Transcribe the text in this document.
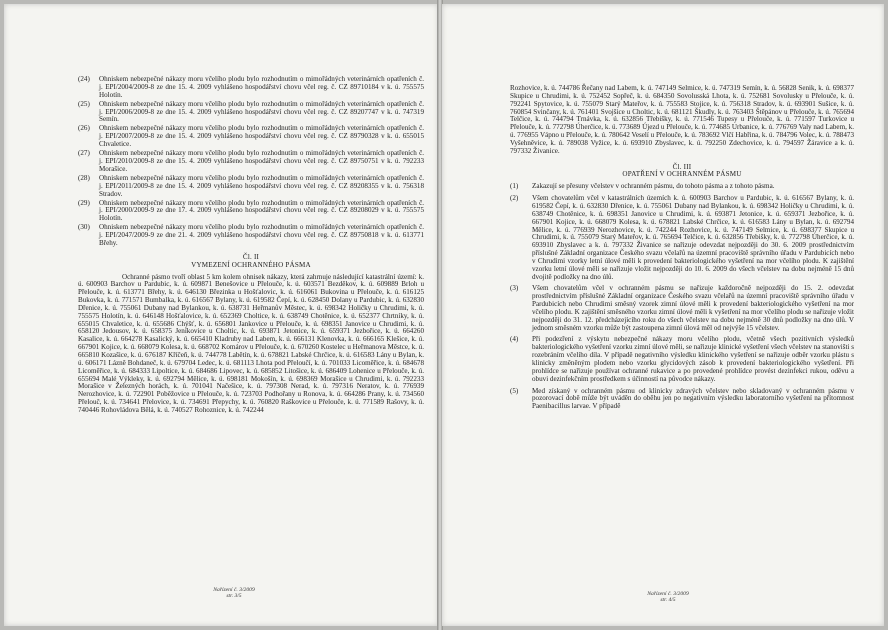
(24)	Ohniskem nebezpečné nákazy moru včelího plodu bylo rozhodnutím o mimořádných veterinárních opatřeních č. j. EPI/2004/2009-8 ze dne 15. 4. 2009 vyhlášeno hospodářství chovu včel reg. č. CZ 89710184 v k. ú. 755575 Holotín.
(25)	Ohniskem nebezpečné nákazy moru včelího plodu bylo rozhodnutím o mimořádných veterinárních opatřeních č. j. EPI/2006/2009-8 ze dne 15. 4. 2009 vyhlášeno hospodářství chovu včel reg. č. CZ 89207747 v k. ú. 747319 Semín.
(26)	Ohniskem nebezpečné nákazy moru včelího plodu bylo rozhodnutím o mimořádných veterinárních opatřeních č. j. EPI/2007/2009-8 ze dne 15. 4. 2009 vyhlášeno hospodářství chovu včel reg. č. CZ 89790328 v k. ú. 655015 Chvaletice.
(27)	Ohniskem nebezpečné nákazy moru včelího plodu bylo rozhodnutím o mimořádných veterinárních opatřeních č. j. EPI/2010/2009-8 ze dne 15. 4. 2009 vyhlášeno hospodářství chovu včel reg. č. CZ 89750751 v k. ú. 792233 Morašice.
(28)	Ohniskem nebezpečné nákazy moru včelího plodu bylo rozhodnutím o mimořádných veterinárních opatřeních č. j. EPI/2011/2009-8 ze dne 15. 4. 2009 vyhlášeno hospodářství chovu včel reg. č. CZ 89208355 v k. ú. 756318 Stradov.
(29)	Ohniskem nebezpečné nákazy moru včelího plodu bylo rozhodnutím o mimořádných veterinárních opatřeních č. j. EPI/2000/2009-9 ze dne 17. 4. 2009 vyhlášeno hospodářství chovu včel reg. č. CZ 89208029 v k. ú. 755575 Holotín.
(30)	Ohniskem nebezpečné nákazy moru včelího plodu bylo rozhodnutím o mimořádných veterinárních opatřeních č. j. EPI/2047/2009-9 ze dne 21. 4. 2009 vyhlášeno hospodářství chovu včel reg. č. CZ 89750818 v k. ú. 613771 Břehy.
Čl. II
VYMEZENÍ OCHRANNÉHO PÁSMA

Ochranné pásmo tvoří oblast 5 km kolem ohnisek nákazy, která zahrnuje následující katastrální území: k. ú. 600903 Barchov u Pardubic, k. ú. 609871 Benešovice u Přelouče, k. ú. 603571 Bezděkov, k. ú. 609889 Brloh u Přelouče, k. ú. 613771 Břehy, k. ú. 646130 Březinka u Hošťalovic, k. ú. 616061 Bukovina u Přelouče, k. ú. 616125 Bukovka, k. ú. 771571 Bumbalka, k. ú. 616567 Bylany, k. ú. 619582 Čepí, k. ú. 628450 Dolany u Pardubic, k. ú. 632830 Dřenice, k. ú. 755061 Dubany nad Bylankou, k. ú. 638731 Heřmanův Městec, k. ú. 698342 Holičky u Chrudimi, k. ú. 755575 Holotín, k. ú. 646148 Hošťalovice, k. ú. 652369 Choltice, k. ú. 638749 Chotěnice, k. ú. 652377 Chrtníky, k. ú. 655015 Chvaletice, k. ú. 655686 Chýšť, k. ú. 656801 Jankovice u Přelouče, k. ú. 698351 Janovice u Chrudimi, k. ú. 658120 Jedousov, k. ú. 658375 Jeníkovice u Choltic, k. ú. 693871 Jetonice, k. ú. 659371 Jezbořice, k. ú. 664260 Kasalice, k. ú. 664278 Kasalický, k. ú. 665410 Kladruby nad Labem, k. ú. 666131 Klenovka, k. ú. 666165 Klešice, k. ú. 667901 Kojice, k. ú. 668079 Kolesa, k. ú. 668702 Komárov u Přelouče, k. ú. 670260 Kostelec u Heřmanova Městce, k. ú. 665810 Kozašice, k. ú. 676187 Kříčeň, k. ú. 744778 Labětín, k. ú. 678821 Labské Chrčice, k. ú. 616583 Lány u Bylan, k. ú. 606171 Lázně Bohdaneč, k. ú. 679704 Ledec, k. ú. 681113 Lhota pod Přeloučí, k. ú. 701033 Licoměřice, k. ú. 684678 Licoměřice, k. ú. 684333 Lipoltice, k. ú. 684686 Lipovec, k. ú. 685852 Litošice, k. ú. 686409 Lohenice u Přelouče, k. ú. 655694 Malé Výkleky, k. ú. 692794 Mělice, k. ú. 698181 Mokošín, k. ú. 698369 Morašice u Chrudimi, k. ú. 792233 Morašice v Železných horách, k. ú. 701041 Načešice, k. ú. 797308 Nerad, k. ú. 797316 Neratov, k. ú. 776939 Nerozhovice, k. ú. 722901 Poběžovice u Přelouče, k. ú. 723703 Podhořany u Ronova, k. ú. 664286 Prany, k. ú. 734560 Přelouč, k. ú. 734641 Přelovice, k. ú. 734691 Přepychy, k. ú. 760820 Raškovice u Přelouče, k. ú. 771589 Rašovy, k. ú. 740446 Rohovládova Bělá, k. ú. 740527 Rohoznice, k. ú. 742244

Nařízení č. 3/2009
str. 3/5

Rozhovice, k. ú. 744786 Řečany nad Labem, k. ú. 747149 Selmice, k. ú. 747319 Semín, k. ú. 56828 Senik, k. ú. 698377 Skupice u Chrudimi, k. ú. 752452 Sopřeč, k. ú. 684350 Sovolusská Lhota, k. ú. 752681 Sovolusky u Přelouče, k. ú. 792241 Spytovice, k. ú. 755079 Starý Mateřov, k. ú. 755583 Stojice, k. ú. 756318 Stradov, k. ú. 693901 Sušice, k. ú. 760854 Svinčany, k. ú. 761401 Svojšice u Choltic, k. ú. 681121 Škudly, k. ú. 763403 Štěpánov u Přelouče, k. ú. 765694 Telčice, k. ú. 744794 Trnávka, k. ú. 632856 Třebišky, k. ú. 771546 Tupesy u Přelouče, k. ú. 771597 Turkovice u Přelouče, k. ú. 772798 Úherčice, k. ú. 773689 Újezd u Přelouče, k. ú. 774685 Urbanice, k. ú. 776769 Valy nad Labem, k. ú. 776955 Vápno u Přelouče, k. ú. 780642 Veselí u Přelouče, k. ú. 783692 Vlčí Habřina, k. ú. 784796 Volec, k. ú. 788473 Vyšehněvice, k. ú. 789038 Vyžice, k. ú. 693910 Zbyslavec, k. ú. 792250 Zdechovice, k. ú. 794597 Žáravice a k. ú. 797332 Živanice.

Čl. III
OPATŘENÍ V OCHRANNÉM PÁSMU
(1)	Zakazují se přesuny včelstev v ochranném pásmu, do tohoto pásma a z tohoto pásma.
(2)	Všem chovatelům včel v katastrálních územích k. ú. 600903 Barchov u Pardubic, k. ú. 616567 Bylany, k. ú. 619582 Čepí, k. ú. 632830 Dřenice, k. ú. 755061 Dubany nad Bylankou, k. ú. 698342 Holičky u Chrudimi, k. ú. 638749 Chotěnice, k. ú. 698351 Janovice u Chrudimi, k. ú. 693871 Jetonice, k. ú. 659371 Jezbořice, k. ú. 667901 Kojice, k. ú. 668079 Kolesa, k. ú. 678821 Labské Chrčice, k. ú. 616583 Lány u Bylan, k. ú. 692794 Mělice, k. ú. 776939 Nerozhovice, k. ú. 742244 Rozhovice, k. ú. 747149 Selmice, k. ú. 698377 Skupice u Chrudimi, k. ú. 755079 Starý Mateřov, k. ú. 765694 Telčice, k. ú. 632856 Třebišky, k. ú. 772798 Úherčice, k. ú. 693910 Zbyslavec a k. ú. 797332 Živanice se nařizuje odevzdat nejpozději do 30. 6. 2009 prostřednictvím příslušné Základní organizace Českého svazu včelařů na územní pracoviště správního úřadu v Pardubicích nebo v Chrudimi vzorky letní úlové měli k provedení bakteriologického vyšetření na mor včelího plodu. K zajištění vzorku letní úlové měli se nařizuje vložit nejpozději do 10. 6. 2009 do všech včelstev na dobu nejméně 15 dnů dvojitě podložky na dno úlů.
(3)	Všem chovatelům včel v ochranném pásmu se nařizuje každoročně nejpozději do 15. 2. odevzdat prostřednictvím příslušné Základní organizace Českého svazu včelařů na územní pracoviště správního úřadu v Pardubicích nebo Chrudimi směsný vzorek zimní úlové měli k provedení bakteriologického vyšetření na mor včelího plodu. K zajištění směsného vzorku zimní úlové měli k vyšetření na mor včelího plodu se nařizuje vložit nejpozději do 31. 12. předcházejícího roku do všech včelstev na dobu nejméně 30 dnů podložky na dno úlů. V jednom směsném vzorku může být zastoupena zimní úlová měl od nejvýše 15 včelstev.
(4)	Při podezření z výskytu nebezpečné nákazy moru včelího plodu, včetně všech pozitivních výsledků bakteriologického vyšetření vzorku zimní úlové měli, se nařizuje klinické vyšetření všech včelstev na stanovišti s rozebráním včelího díla. V případě negativního výsledku klinického vyšetření se nařizuje odběr vzorku plástu s klinicky změněným plodem nebo vzorku glycidových zásob k provedení bakteriologického vyšetření. Při prohlídce se nařizuje používat ochranné rukavice a po provedené prohlídce provést dezinfekci rukou, oděvu a obuvi dezinfekčním prostředkem s účinností na původce nákazy.
(5)	Med získaný v ochranném pásmu od klinicky zdravých včelstev nebo skladovaný v ochranném pásmu v pozorovací době může být uváděn do oběhu jen po negativním výsledku laboratorního vyšetření na přítomnost Paenibacillus larvae. V případě
Nařízení č. 3/2009
str. 4/5
